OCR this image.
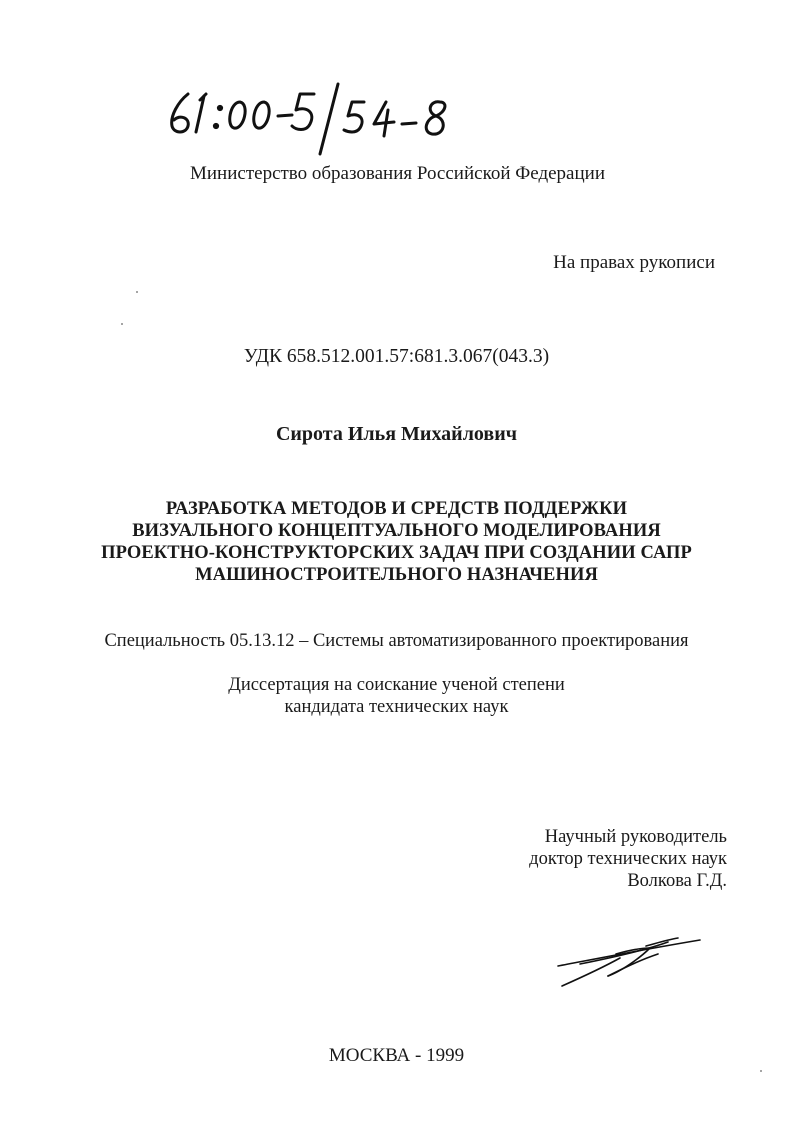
Министерство образования Российской Федерации
На правах рукописи
УДК 658.512.001.57:681.3.067(043.3)
Сирота Илья Михайлович
РАЗРАБОТКА МЕТОДОВ И СРЕДСТВ ПОДДЕРЖКИ
ВИЗУАЛЬНОГО КОНЦЕПТУАЛЬНОГО МОДЕЛИРОВАНИЯ
ПРОЕКТНО-КОНСТРУКТОРСКИХ ЗАДАЧ ПРИ СОЗДАНИИ САПР
МАШИНОСТРОИТЕЛЬНОГО НАЗНАЧЕНИЯ
Специальность 05.13.12 – Системы автоматизированного проектирования
Диссертация на соискание ученой степени
кандидата технических наук
Научный руководитель
доктор технических наук
Волкова Г.Д.
МОСКВА - 1999
